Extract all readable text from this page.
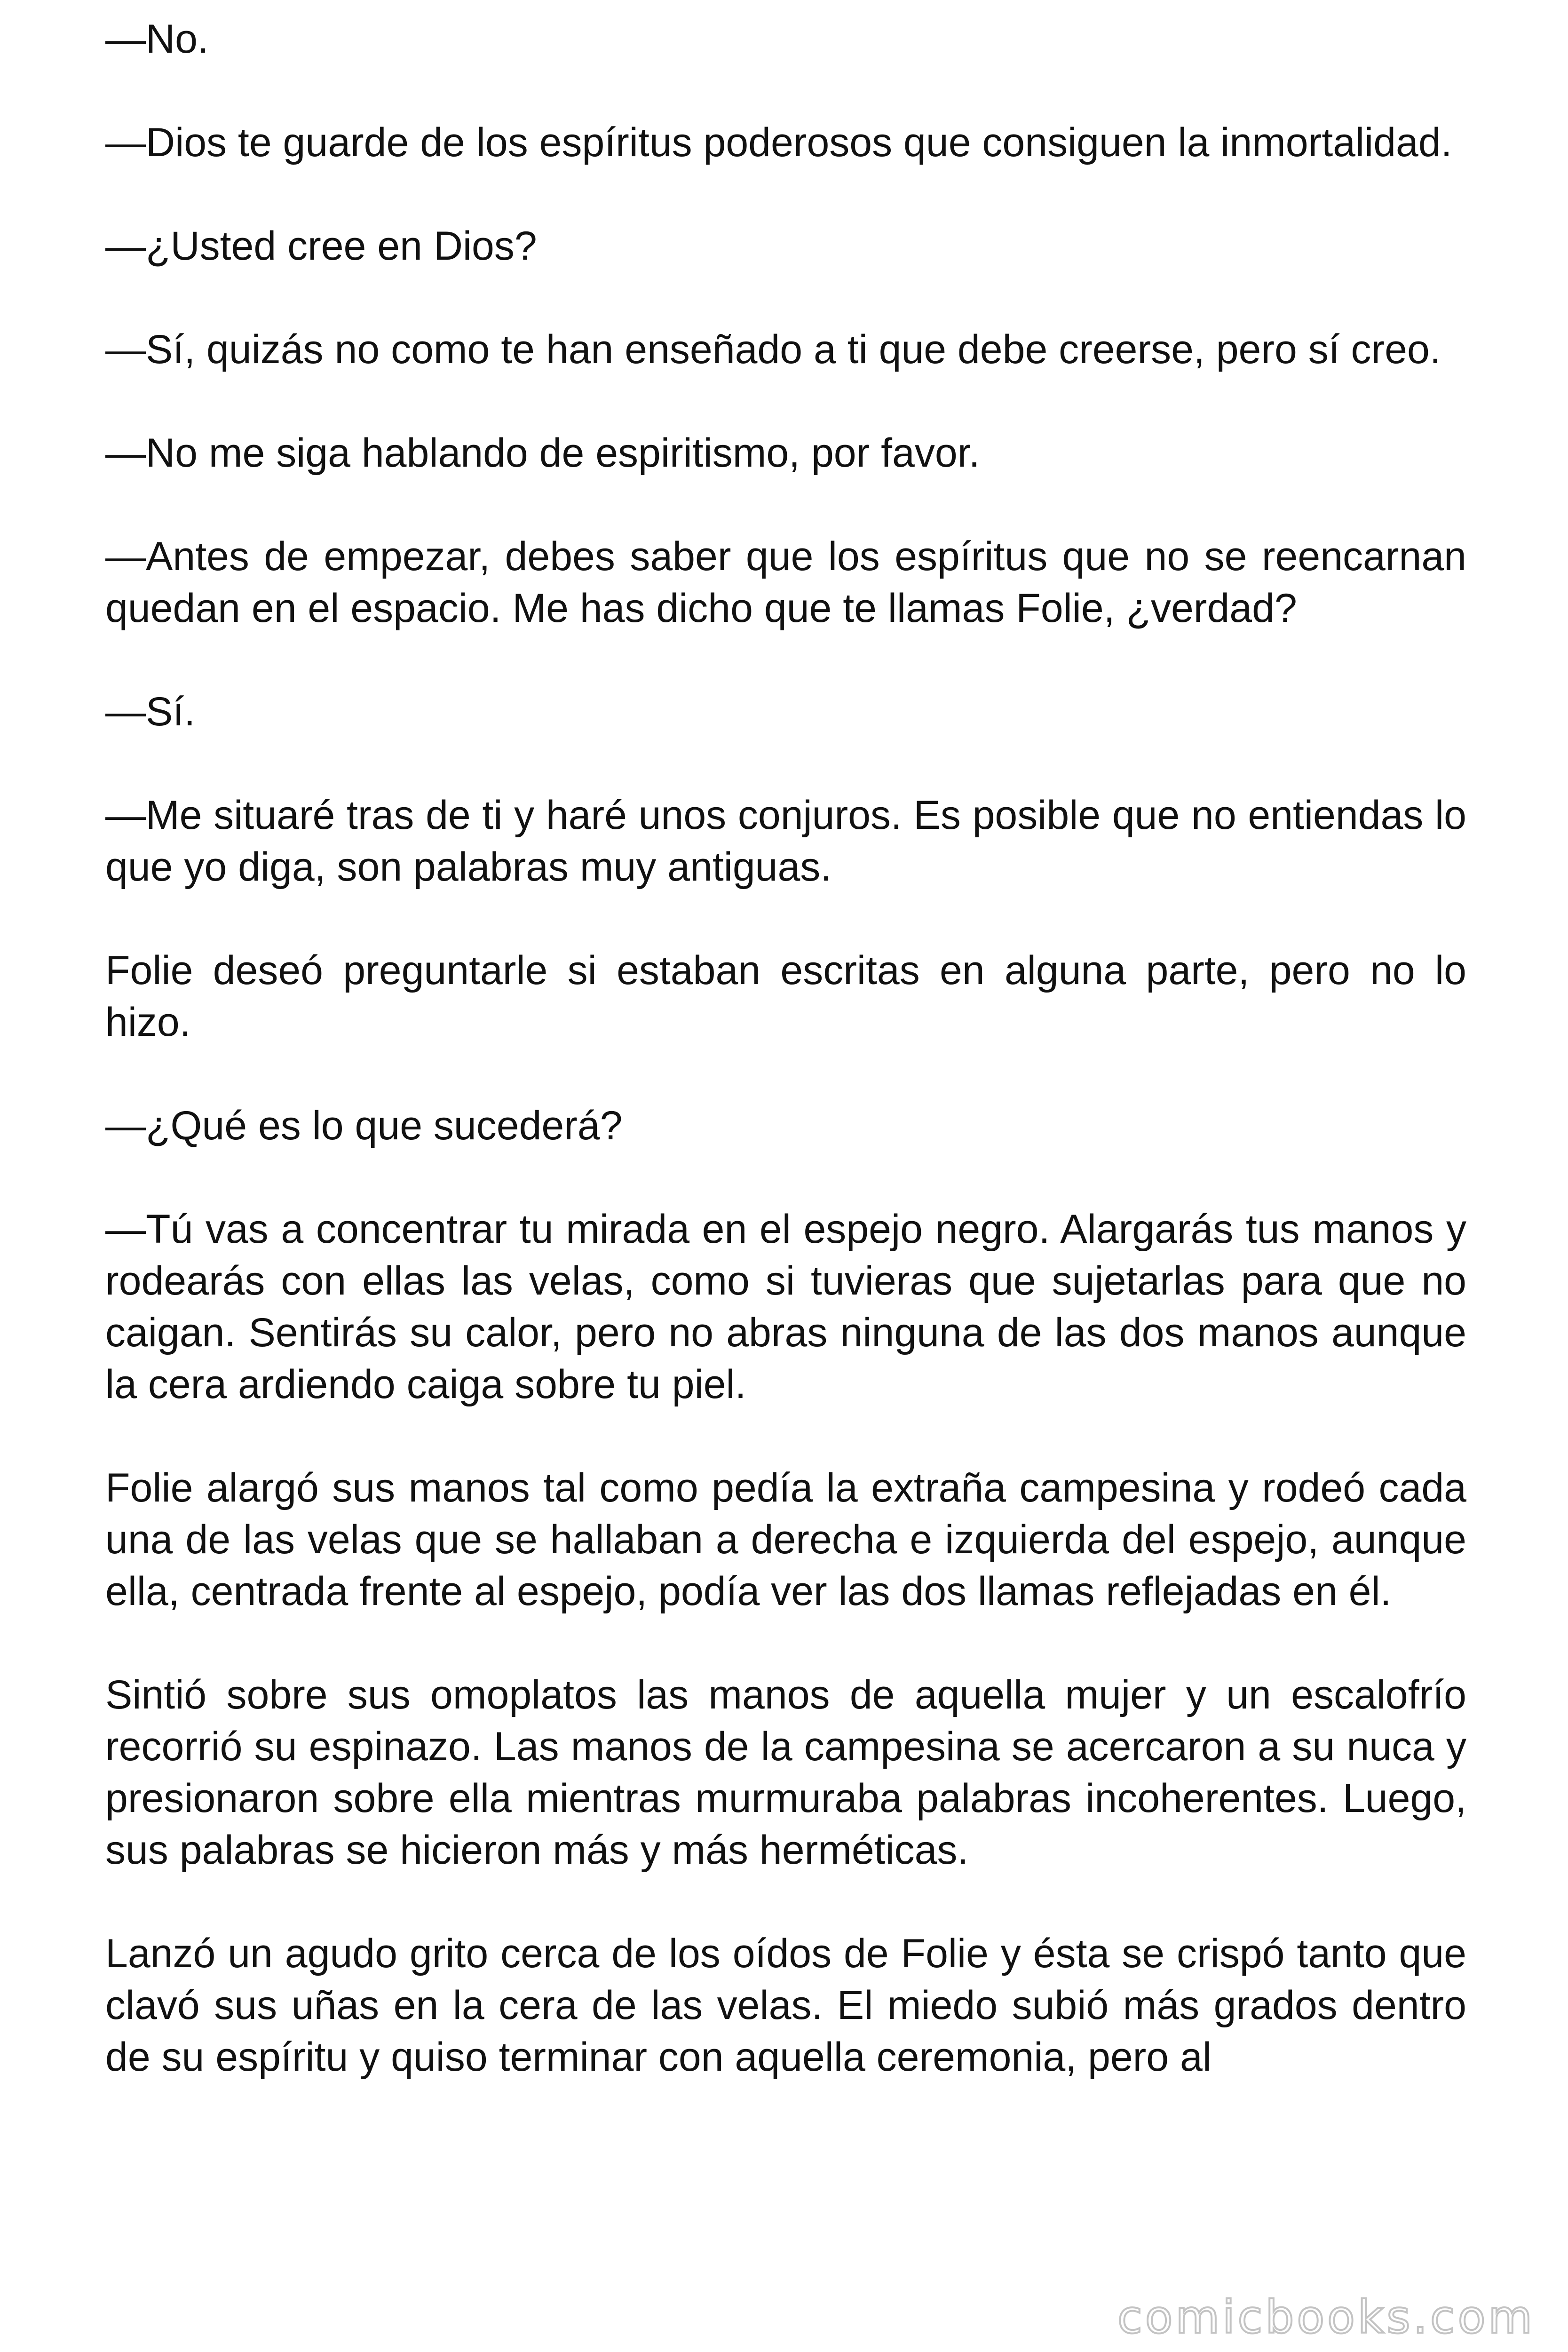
—No.

—Dios te guarde de los espíritus poderosos que consiguen la inmortalidad.

—¿Usted cree en Dios?

—Sí, quizás no como te han enseñado a ti que debe creerse, pero sí creo.

—No me siga hablando de espiritismo, por favor.

—Antes de empezar, debes saber que los espíritus que no se reencarnan quedan en el espacio. Me has dicho que te llamas Folie, ¿verdad?

—Sí.

—Me situaré tras de ti y haré unos conjuros. Es posible que no entiendas lo que yo diga, son palabras muy antiguas.

Folie deseó preguntarle si estaban escritas en alguna parte, pero no lo hizo.

—¿Qué es lo que sucederá?

—Tú vas a concentrar tu mirada en el espejo negro. Alargarás tus manos y rodearás con ellas las velas, como si tuvieras que sujetarlas para que no caigan. Sentirás su calor, pero no abras ninguna de las dos manos aunque la cera ardiendo caiga sobre tu piel.

Folie alargó sus manos tal como pedía la extraña campesina y rodeó cada una de las velas que se hallaban a derecha e izquierda del espejo, aunque ella, centrada frente al espejo, podía ver las dos llamas reflejadas en él.

Sintió sobre sus omoplatos las manos de aquella mujer y un escalofrío recorrió su espinazo. Las manos de la campesina se acercaron a su nuca y presionaron sobre ella mientras murmuraba palabras incoherentes. Luego, sus palabras se hicieron más y más herméticas.

Lanzó un agudo grito cerca de los oídos de Folie y ésta se crispó tanto que clavó sus uñas en la cera de las velas. El miedo subió más grados dentro de su espíritu y quiso terminar con aquella ceremonia, pero al

comicbooks.com
